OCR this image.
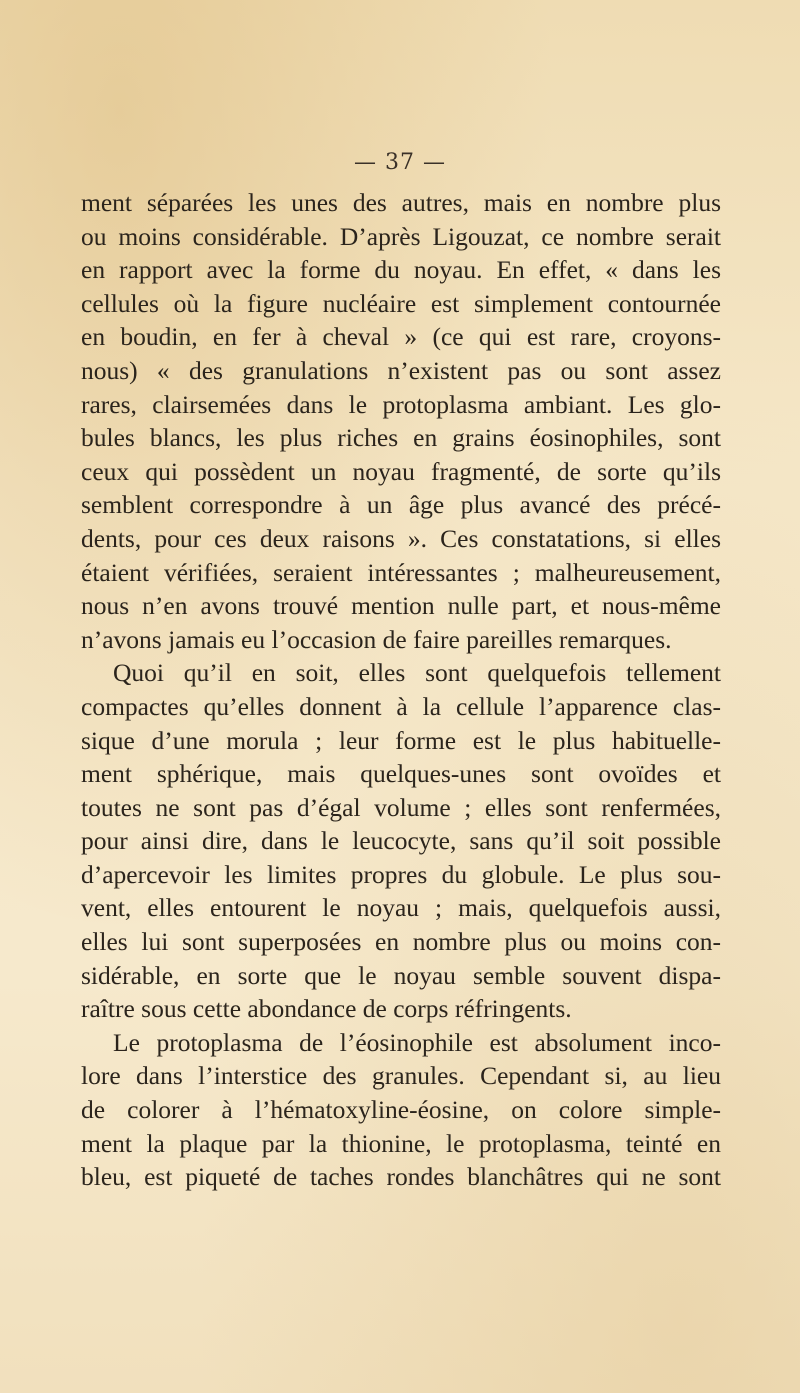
— 37 —
ment séparées les unes des autres, mais en nombre plus
ou moins considérable. D’après Ligouzat, ce nombre serait
en rapport avec la forme du noyau. En effet, « dans les
cellules où la figure nucléaire est simplement contournée
en boudin, en fer à cheval » (ce qui est rare, croyons-
nous) « des granulations n’existent pas ou sont assez
rares, clairsemées dans le protoplasma ambiant. Les glo-
bules blancs, les plus riches en grains éosinophiles, sont
ceux qui possèdent un noyau fragmenté, de sorte qu’ils
semblent correspondre à un âge plus avancé des précé-
dents, pour ces deux raisons ». Ces constatations, si elles
étaient vérifiées, seraient intéressantes ; malheureusement,
nous n’en avons trouvé mention nulle part, et nous-même
n’avons jamais eu l’occasion de faire pareilles remarques.
Quoi qu’il en soit, elles sont quelquefois tellement
compactes qu’elles donnent à la cellule l’apparence clas-
sique d’une morula ; leur forme est le plus habituelle-
ment sphérique, mais quelques-unes sont ovoïdes et
toutes ne sont pas d’égal volume ; elles sont renfermées,
pour ainsi dire, dans le leucocyte, sans qu’il soit possible
d’apercevoir les limites propres du globule. Le plus sou-
vent, elles entourent le noyau ; mais, quelquefois aussi,
elles lui sont superposées en nombre plus ou moins con-
sidérable, en sorte que le noyau semble souvent dispa-
raître sous cette abondance de corps réfringents.
Le protoplasma de l’éosinophile est absolument inco-
lore dans l’interstice des granules. Cependant si, au lieu
de colorer à l’hématoxyline-éosine, on colore simple-
ment la plaque par la thionine, le protoplasma, teinté en
bleu, est piqueté de taches rondes blanchâtres qui ne sont
